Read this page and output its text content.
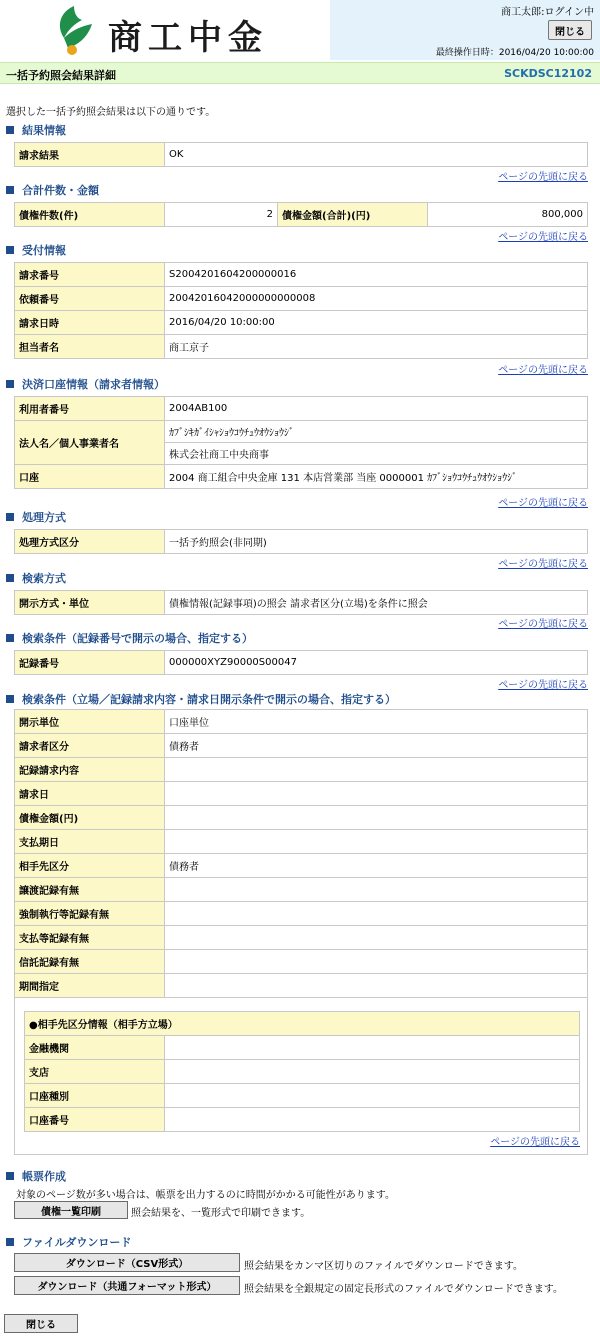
商工中金
商工太郎:ログイン中
閉じる
最終操作日時：2016/04/20 10:00:00
一括予約照会結果詳細	SCKDSC12102
選択した一括予約照会結果は以下の通りです。
結果情報
請求結果	OK
ページの先頭に戻る
合計件数・金額
債権件数(件)	2	債権金額(合計)(円)	800,000
ページの先頭に戻る
受付情報
請求番号	S2004201604200000016
依頼番号	20042016042000000000008
請求日時	2016/04/20 10:00:00
担当者名	商工京子
ページの先頭に戻る
決済口座情報（請求者情報）
利用者番号	2004AB100
法人名／個人事業者名	ｶﾌﾞｼｷｶﾞｲｼｬｼｮｳｺｳﾁｭｳｵｳｼｮｳｼﾞ
	株式会社商工中央商事
口座	2004 商工組合中央金庫 131 本店営業部 当座 0000001 ｶﾌﾞｼｮｳｺｳﾁｭｳｵｳｼｮｳｼﾞ
ページの先頭に戻る
処理方式
処理方式区分	一括予約照会(非同期)
ページの先頭に戻る
検索方式
開示方式・単位	債権情報(記録事項)の照会 請求者区分(立場)を条件に照会
ページの先頭に戻る
検索条件（記録番号で開示の場合、指定する）
記録番号	000000XYZ90000S00047
ページの先頭に戻る
検索条件（立場／記録請求内容・請求日開示条件で開示の場合、指定する）
開示単位	口座単位
請求者区分	債務者
記録請求内容	
請求日	
債権金額(円)	
支払期日	
相手先区分	債務者
譲渡記録有無	
強制執行等記録有無	
支払等記録有無	
信託記録有無	
期間指定	
●相手先区分情報（相手方立場）	
金融機関	
支店	
口座種別	
口座番号	
ページの先頭に戻る
帳票作成
対象のページ数が多い場合は、帳票を出力するのに時間がかかる可能性があります。
債権一覧印刷	照会結果を、一覧形式で印刷できます。
ファイルダウンロード
ダウンロード（CSV形式）	照会結果をカンマ区切りのファイルでダウンロードできます。
ダウンロード（共通フォーマット形式）	照会結果を全銀規定の固定長形式のファイルでダウンロードできます。
閉じる
